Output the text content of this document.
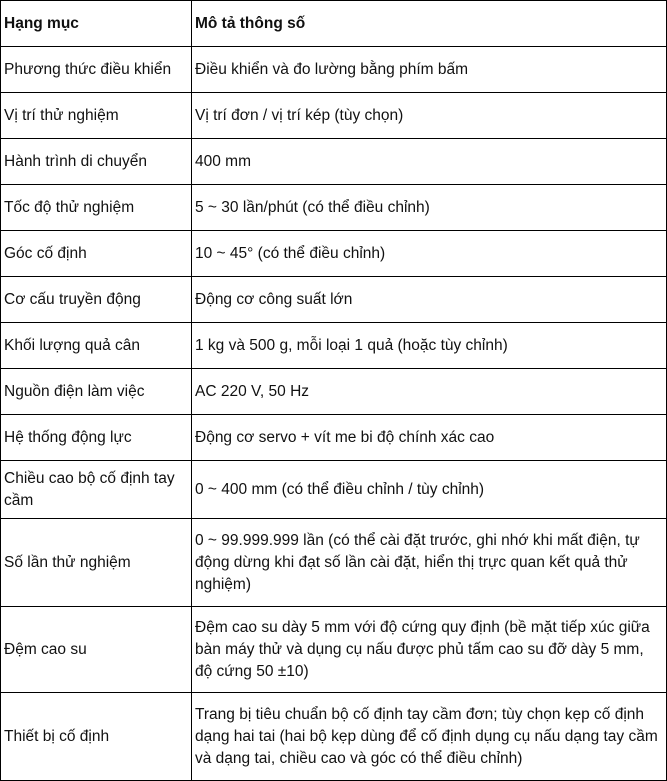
Hạng mục	Mô tả thông số
Phương thức điều khiển	Điều khiển và đo lường bằng phím bấm
Vị trí thử nghiệm	Vị trí đơn / vị trí kép (tùy chọn)
Hành trình di chuyển	400 mm
Tốc độ thử nghiệm	5 ~ 30 lần/phút (có thể điều chỉnh)
Góc cố định	10 ~ 45° (có thể điều chỉnh)
Cơ cấu truyền động	Động cơ công suất lớn
Khối lượng quả cân	1 kg và 500 g, mỗi loại 1 quả (hoặc tùy chỉnh)
Nguồn điện làm việc	AC 220 V, 50 Hz
Hệ thống động lực	Động cơ servo + vít me bi độ chính xác cao
Chiều cao bộ cố định tay cầm	0 ~ 400 mm (có thể điều chỉnh / tùy chỉnh)
Số lần thử nghiệm	0 ~ 99.999.999 lần (có thể cài đặt trước, ghi nhớ khi mất điện, tự động dừng khi đạt số lần cài đặt, hiển thị trực quan kết quả thử nghiệm)
Đệm cao su	Đệm cao su dày 5 mm với độ cứng quy định (bề mặt tiếp xúc giữa bàn máy thử và dụng cụ nấu được phủ tấm cao su đỡ dày 5 mm, độ cứng 50 ±10)
Thiết bị cố định	Trang bị tiêu chuẩn bộ cố định tay cầm đơn; tùy chọn kẹp cố định dạng hai tai (hai bộ kẹp dùng để cố định dụng cụ nấu dạng tay cầm và dạng tai, chiều cao và góc có thể điều chỉnh)
